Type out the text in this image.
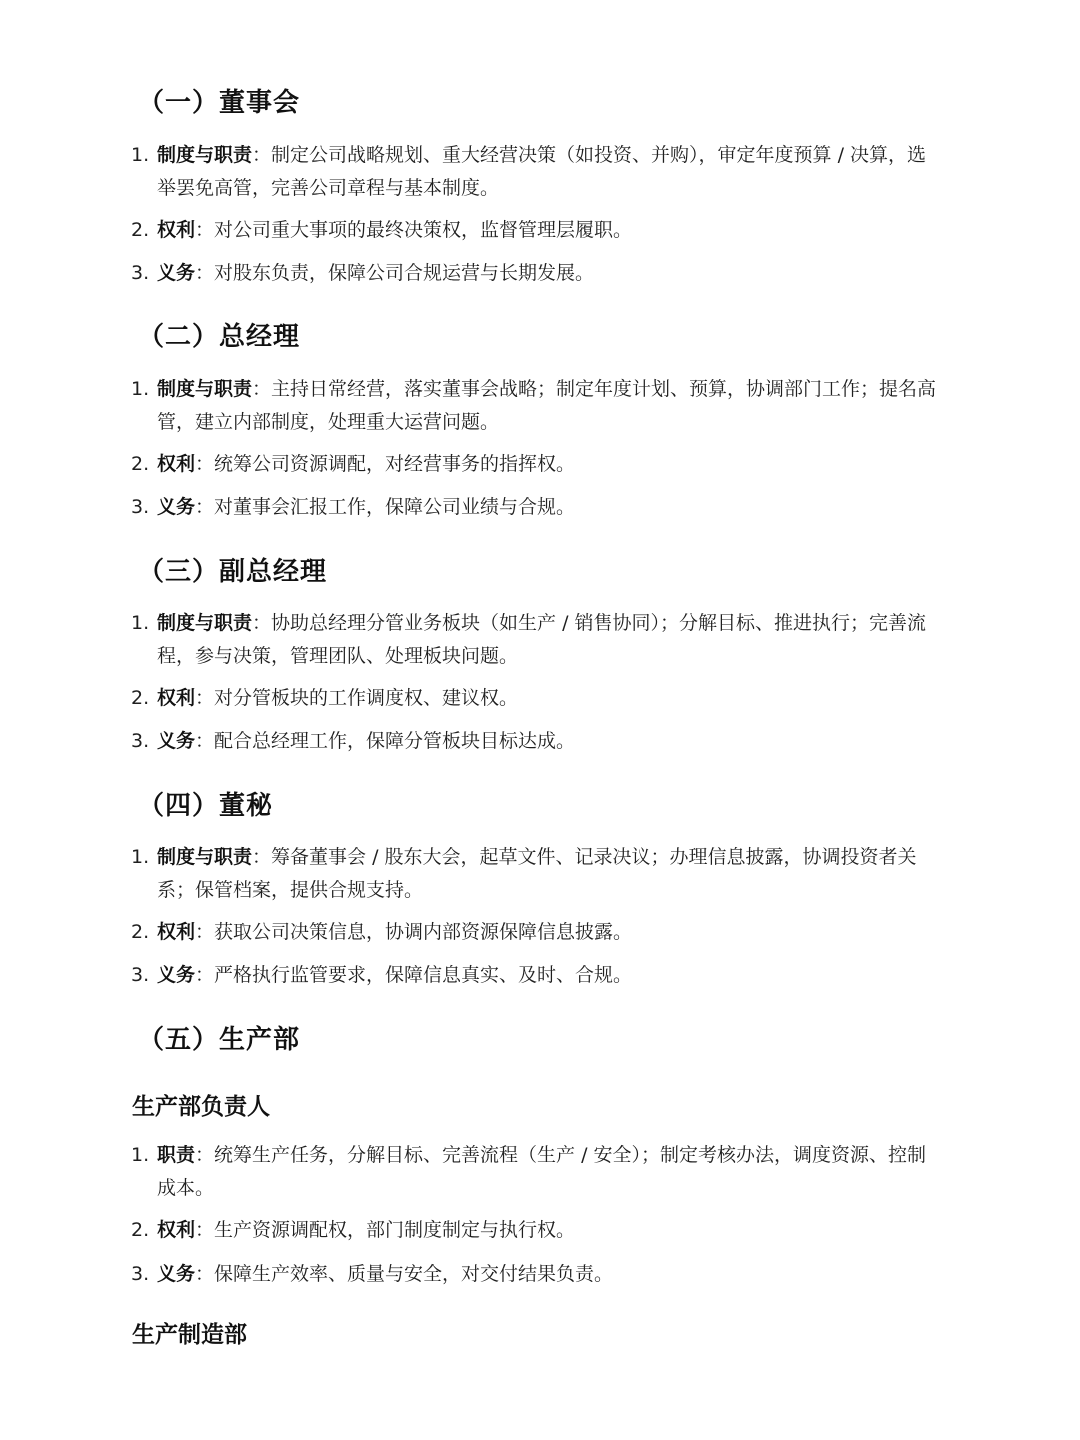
（一）董事会
1. 制度与职责：制定公司战略规划、重大经营决策（如投资、并购），审定年度预算 / 决算，选举罢免高管，完善公司章程与基本制度。
2. 权利：对公司重大事项的最终决策权，监督管理层履职。
3. 义务：对股东负责，保障公司合规运营与长期发展。
（二）总经理
1. 制度与职责：主持日常经营，落实董事会战略；制定年度计划、预算，协调部门工作；提名高管，建立内部制度，处理重大运营问题。
2. 权利：统筹公司资源调配，对经营事务的指挥权。
3. 义务：对董事会汇报工作，保障公司业绩与合规。
（三）副总经理
1. 制度与职责：协助总经理分管业务板块（如生产 / 销售协同）；分解目标、推进执行；完善流程，参与决策，管理团队、处理板块问题。
2. 权利：对分管板块的工作调度权、建议权。
3. 义务：配合总经理工作，保障分管板块目标达成。
（四）董秘
1. 制度与职责：筹备董事会 / 股东大会，起草文件、记录决议；办理信息披露，协调投资者关系；保管档案，提供合规支持。
2. 权利：获取公司决策信息，协调内部资源保障信息披露。
3. 义务：严格执行监管要求，保障信息真实、及时、合规。
（五）生产部
生产部负责人
1. 职责：统筹生产任务，分解目标、完善流程（生产 / 安全）；制定考核办法，调度资源、控制成本。
2. 权利：生产资源调配权，部门制度制定与执行权。
3. 义务：保障生产效率、质量与安全，对交付结果负责。
生产制造部
